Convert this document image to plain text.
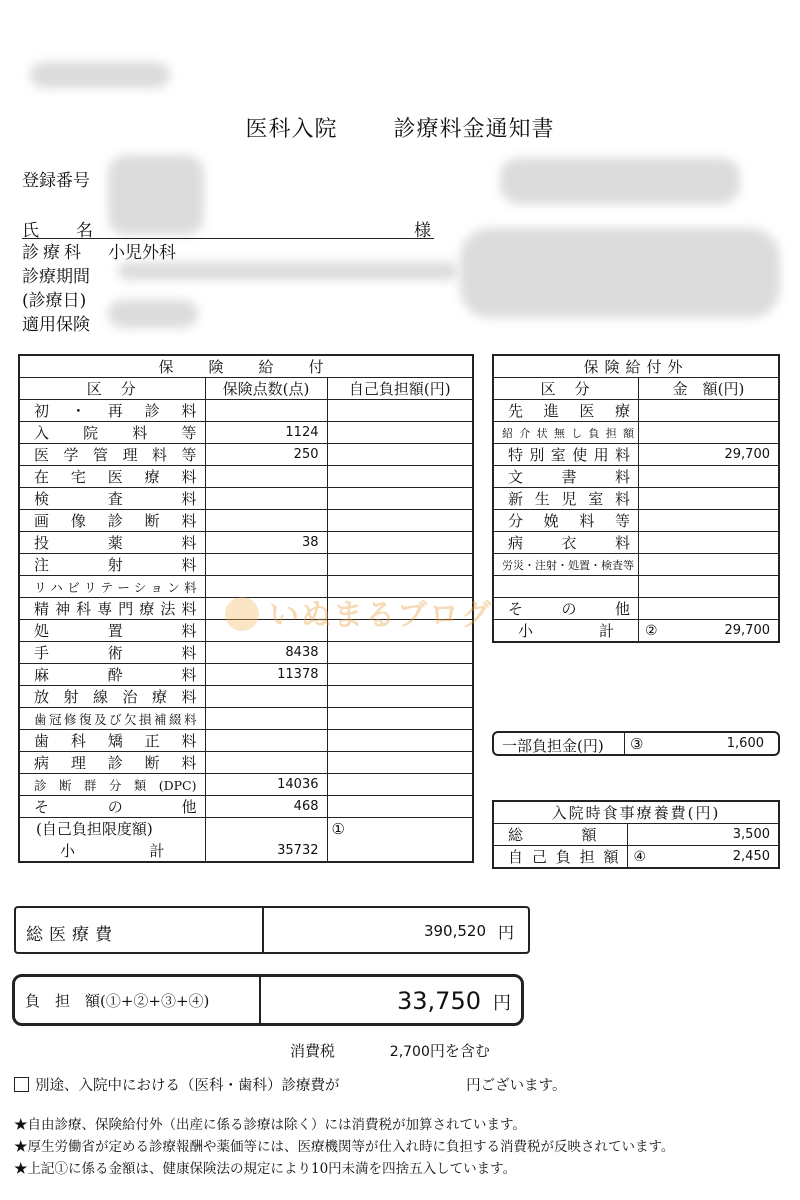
医科入院	診療料金通知書
登録番号
氏　名	様
診療科 小児外科
診療期間
(診療日)
適用保険
保　険　給　付		
区　分	保険点数(点)	自己負担額(円)
初・再診料		
入院料等	1124	
医学管理料等	250	
在宅医療料		
検査料		
画像診断料		
投薬料	38	
注射料		
リハビリテーション料		
精神科専門療法料		
処置料		
手術料	8438	
麻酔料	11378	
放射線治療料		
歯冠修復及び欠損補綴料		
歯科矯正料		
病理診断料		
診断群分類(DPC)	14036	
その他	468	
(自己負担限度額)		①
小　計	35732	
保険給付外	
区　分	金　額(円)
先進医療	
紹介状無し負担額	
特別室使用料	29,700
文書料	
新生児室料	
分娩料等	
病衣料	
労災・注射・処置・検査等	

その他	
小　計	② 29,700
一部負担金(円) ③	1,600
入院時食事療養費(円)	
総　額	3,500
自己負担額	④ 2,450
総医療費	390,520 円
負　担　額(①+②+③+④)	33,750 円
消費税	2,700円を含む
別途、入院中における（医科・歯科）診療費が	円ございます。
★自由診療、保険給付外（出産に係る診療は除く）には消費税が加算されています。
★厚生労働省が定める診療報酬や薬価等には、医療機関等が仕入れ時に負担する消費税が反映されています。
★上記①に係る金額は、健康保険法の規定により10円未満を四捨五入しています。
いぬまるブログ
